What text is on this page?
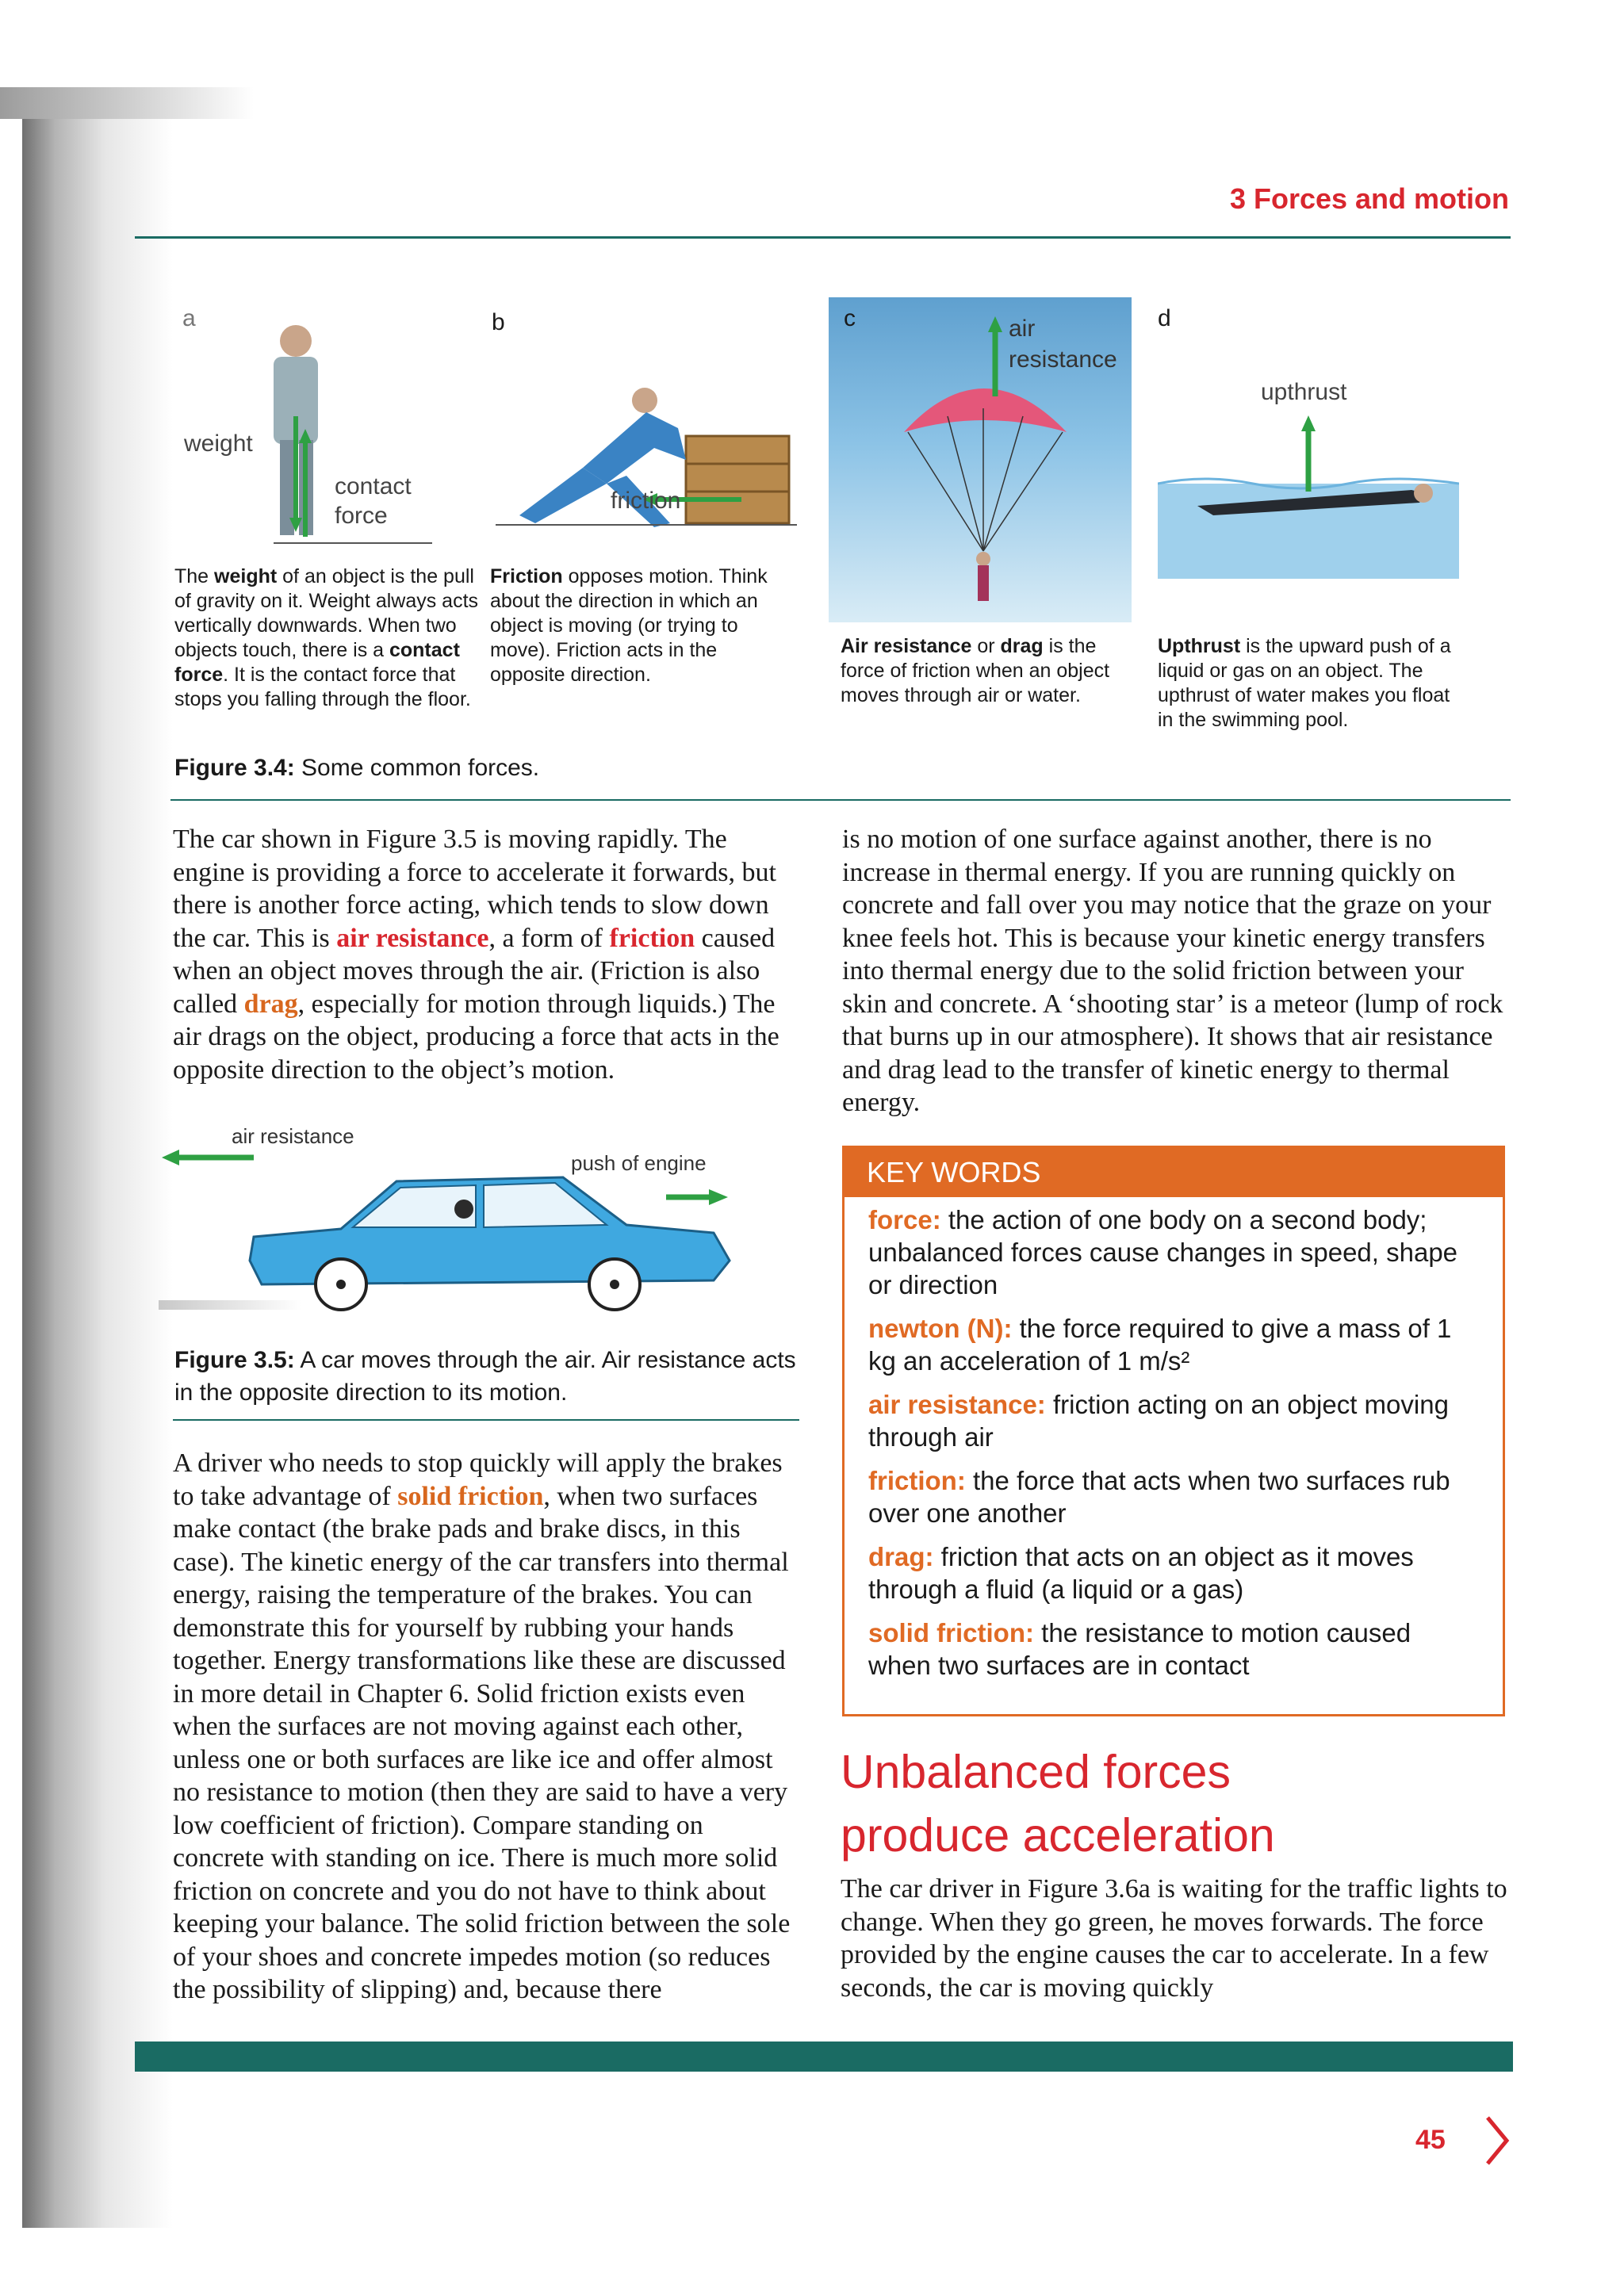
3 Forces and motion
a
weight
contact
force
The weight of an object is the pull of gravity on it. Weight always acts vertically downwards. When two objects touch, there is a contact force. It is the contact force that stops you falling through the floor.
b
friction
Friction opposes motion. Think about the direction in which an object is moving (or trying to move). Friction acts in the opposite direction.
c	air
resistance
Air resistance or drag is the force of friction when an object moves through air or water.
d
upthrust
Upthrust is the upward push of a liquid or gas on an object. The upthrust of water makes you float in the swimming pool.
Figure 3.4: Some common forces.
The car shown in Figure 3.5 is moving rapidly. The engine is providing a force to accelerate it forwards, but there is another force acting, which tends to slow down the car. This is air resistance, a form of friction caused when an object moves through the air. (Friction is also called drag, especially for motion through liquids.) The air drags on the object, producing a force that acts in the opposite direction to the object’s motion.
air resistance
push of engine
Figure 3.5: A car moves through the air. Air resistance acts in the opposite direction to its motion.
A driver who needs to stop quickly will apply the brakes to take advantage of solid friction, when two surfaces make contact (the brake pads and brake discs, in this case). The kinetic energy of the car transfers into thermal energy, raising the temperature of the brakes. You can demonstrate this for yourself by rubbing your hands together. Energy transformations like these are discussed in more detail in Chapter 6. Solid friction exists even when the surfaces are not moving against each other, unless one or both surfaces are like ice and offer almost no resistance to motion (then they are said to have a very low coefficient of friction). Compare standing on concrete with standing on ice. There is much more solid friction on concrete and you do not have to think about keeping your balance. The solid friction between the sole of your shoes and concrete impedes motion (so reduces the possibility of slipping) and, because there
is no motion of one surface against another, there is no increase in thermal energy. If you are running quickly on concrete and fall over you may notice that the graze on your knee feels hot. This is because your kinetic energy transfers into thermal energy due to the solid friction between your skin and concrete. A ‘shooting star’ is a meteor (lump of rock that burns up in our atmosphere). It shows that air resistance and drag lead to the transfer of kinetic energy to thermal energy.
KEY WORDS

force: the action of one body on a second body; unbalanced forces cause changes in speed, shape or direction

newton (N): the force required to give a mass of 1 kg an acceleration of 1 m/s²

air resistance: friction acting on an object moving through air

friction: the force that acts when two surfaces rub over one another

drag: friction that acts on an object as it moves through a fluid (a liquid or a gas)

solid friction: the resistance to motion caused when two surfaces are in contact

Unbalanced forces
produce acceleration
The car driver in Figure 3.6a is waiting for the traffic lights to change. When they go green, he moves forwards. The force provided by the engine causes the car to accelerate. In a few seconds, the car is moving quickly
45
